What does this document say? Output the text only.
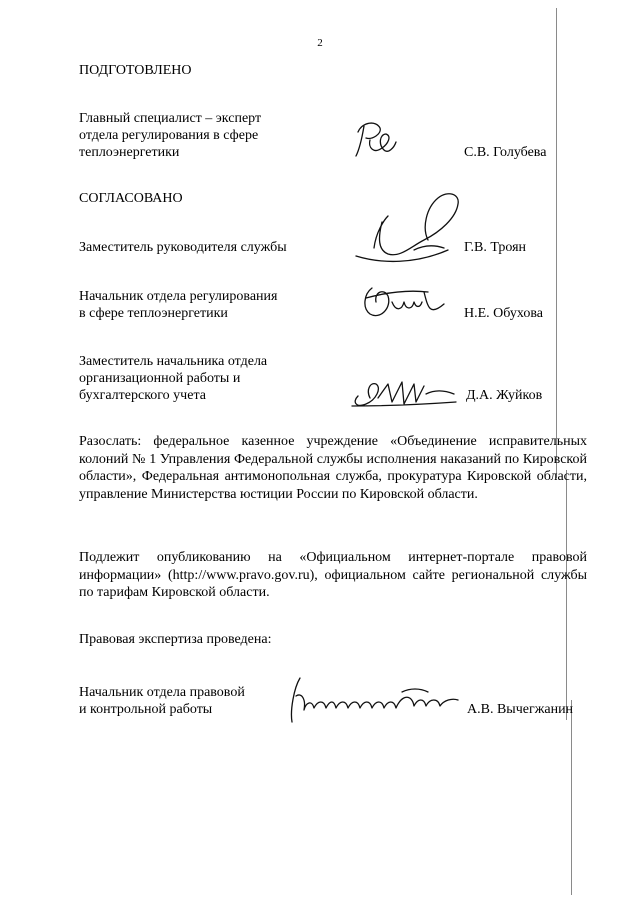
2
ПОДГОТОВЛЕНО
Главный специалист – эксперт
отдела регулирования в сфере
теплоэнергетики	С.В. Голубева
СОГЛАСОВАНО
Заместитель руководителя службы	Г.В. Троян
Начальник отдела регулирования
в сфере теплоэнергетики	Н.Е. Обухова
Заместитель начальника отдела
организационной работы и
бухгалтерского учета	Д.А. Жуйков
Разослать: федеральное казенное учреждение «Объединение исправительных колоний № 1 Управления Федеральной службы исполнения наказаний по Кировской области», Федеральная антимонопольная служба, прокуратура Кировской области, управление Министерства юстиции России по Кировской области.
Подлежит опубликованию на «Официальном интернет-портале правовой информации» (http://www.pravo.gov.ru), официальном сайте региональной службы по тарифам Кировской области.
Правовая экспертиза проведена:
Начальник отдела правовой
и контрольной работы	А.В. Вычегжанин
